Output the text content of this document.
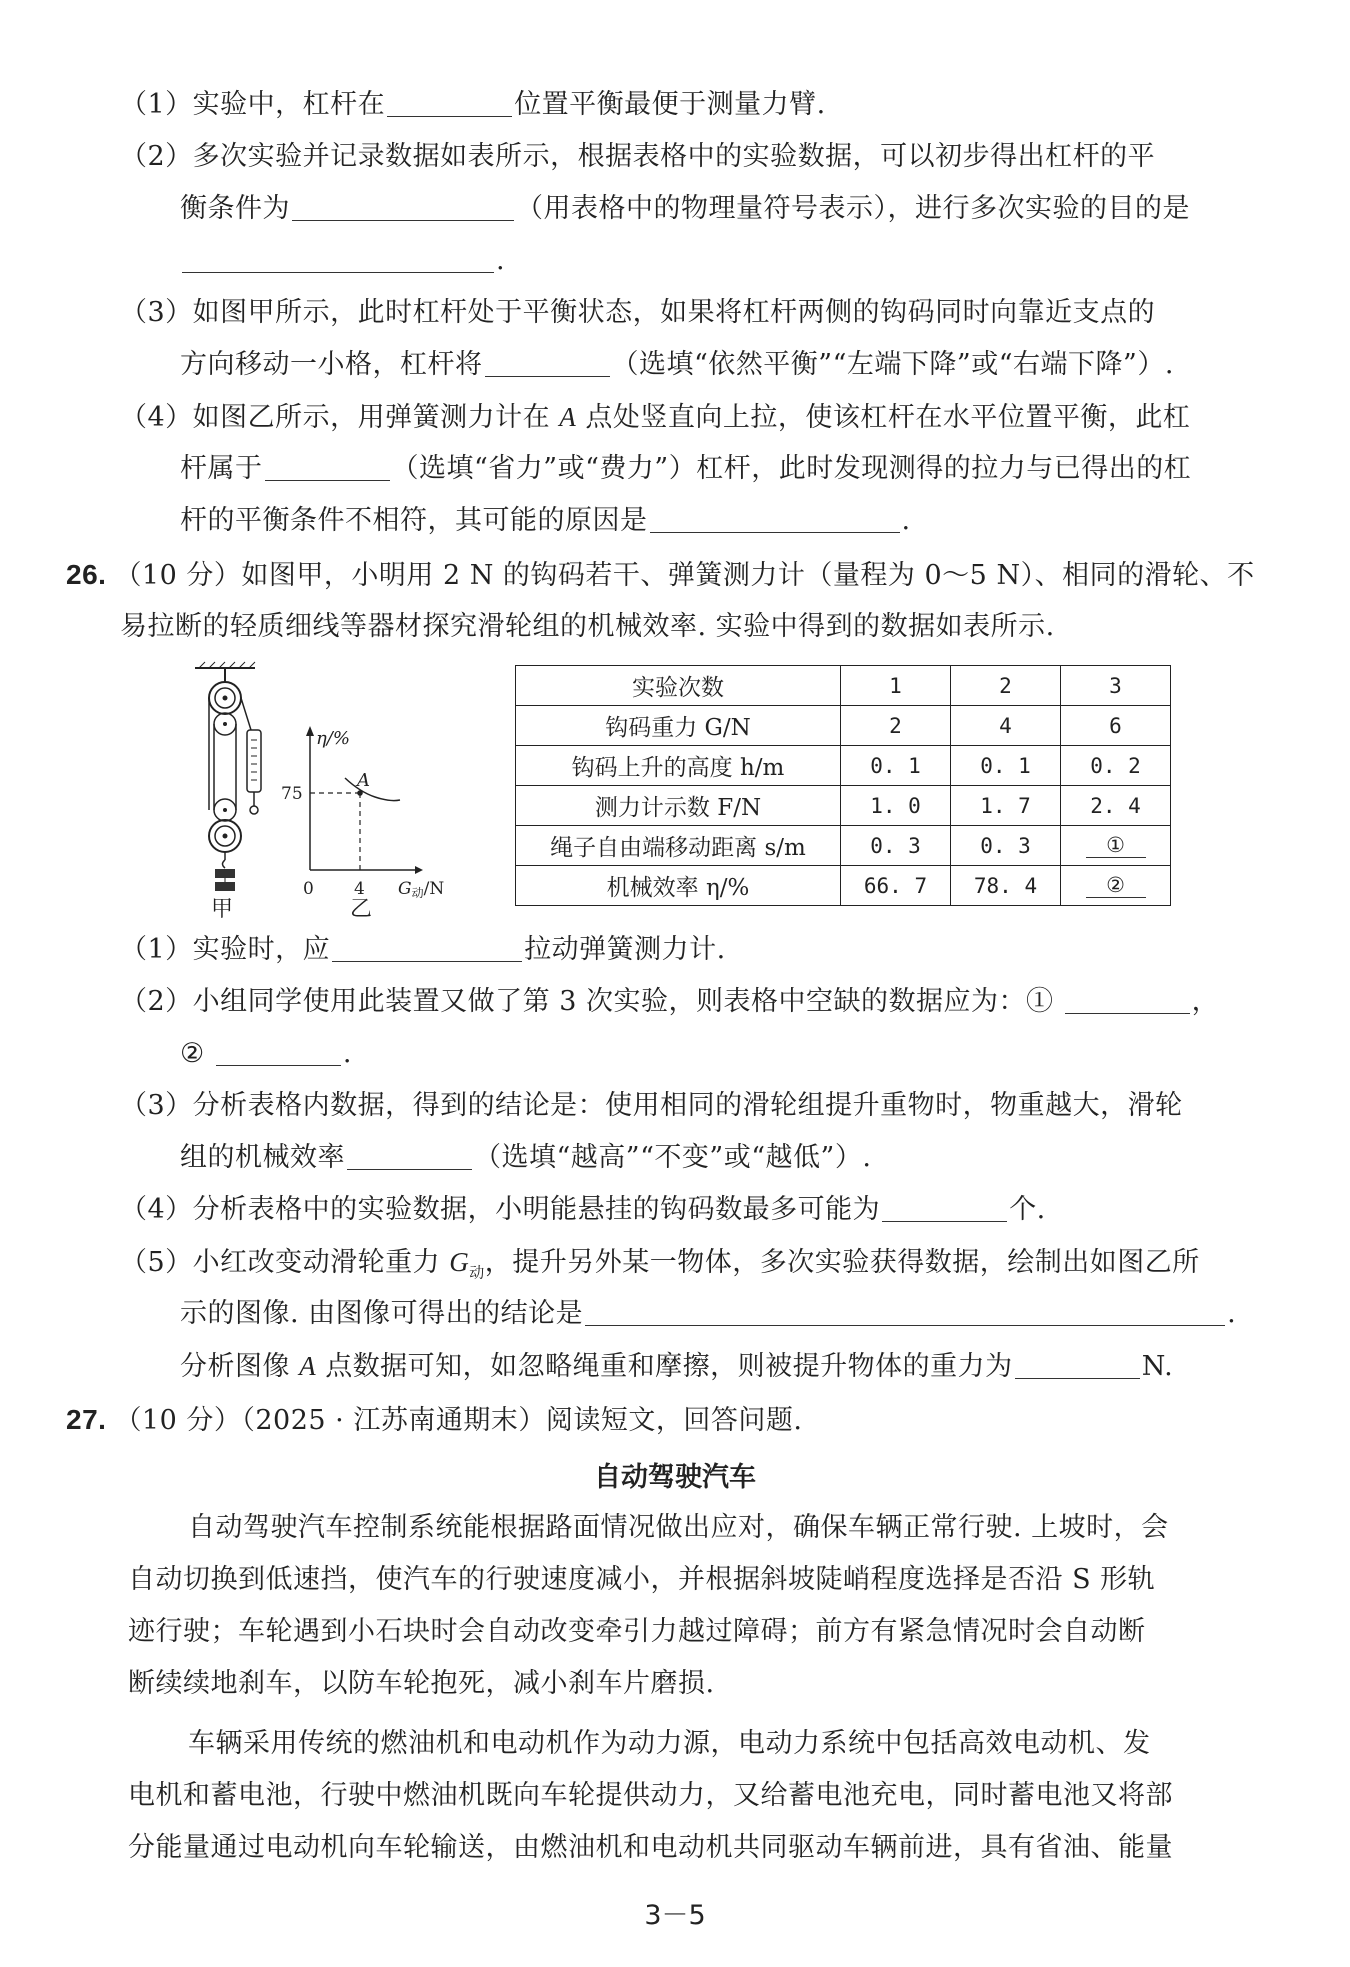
（1）实验中，杠杆在	位置平衡最便于测量力臂.
（2）多次实验并记录数据如表所示，根据表格中的实验数据，可以初步得出杠杆的平
衡条件为	（用表格中的物理量符号表示），进行多次实验的目的是
.
（3）如图甲所示，此时杠杆处于平衡状态，如果将杠杆两侧的钩码同时向靠近支点的
方向移动一小格，杠杆将	（选填“依然平衡”“左端下降”或“右端下降”）.
（4）如图乙所示，用弹簧测力计在 A 点处竖直向上拉，使该杠杆在水平位置平衡，此杠
杆属于	（选填“省力”或“费力”）杠杆，此时发现测得的拉力与已得出的杠
杆的平衡条件不相符，其可能的原因是	.
26. （10 分）如图甲，小明用 2 N 的钩码若干、弹簧测力计（量程为 0～5 N）、相同的滑轮、不
易拉断的轻质细线等器材探究滑轮组的机械效率. 实验中得到的数据如表所示.
甲
η/%
75
A
0 4 G动/N
乙
实验次数	1	2	3
钩码重力 G/N	2	4	6
钩码上升的高度 h/m	0. 1	0. 1	0. 2
测力计示数 F/N	1. 0	1. 7	2. 4
绳子自由端移动距离 s/m	0. 3	0. 3	①
机械效率 η/%	66. 7	78. 4	②
（1）实验时，应	拉动弹簧测力计.
（2）小组同学使用此装置又做了第 3 次实验，则表格中空缺的数据应为：①	，
②	.
（3）分析表格内数据，得到的结论是：使用相同的滑轮组提升重物时，物重越大，滑轮
组的机械效率	（选填“越高”“不变”或“越低”）.
（4）分析表格中的实验数据，小明能悬挂的钩码数最多可能为	个.
（5）小红改变动滑轮重力 $G_动$，提升另外某一物体，多次实验获得数据，绘制出如图乙所
示的图像. 由图像可得出的结论是	.
分析图像 A 点数据可知，如忽略绳重和摩擦，则被提升物体的重力为	N.
27. （10 分）（2025 · 江苏南通期末）阅读短文，回答问题.
自动驾驶汽车
自动驾驶汽车控制系统能根据路面情况做出应对，确保车辆正常行驶. 上坡时，会
自动切换到低速挡，使汽车的行驶速度减小，并根据斜坡陡峭程度选择是否沿 S 形轨
迹行驶；车轮遇到小石块时会自动改变牵引力越过障碍；前方有紧急情况时会自动断
断续续地刹车，以防车轮抱死，减小刹车片磨损.
车辆采用传统的燃油机和电动机作为动力源，电动力系统中包括高效电动机、发
电机和蓄电池，行驶中燃油机既向车轮提供动力，又给蓄电池充电，同时蓄电池又将部
分能量通过电动机向车轮输送，由燃油机和电动机共同驱动车辆前进，具有省油、能量
3－5
